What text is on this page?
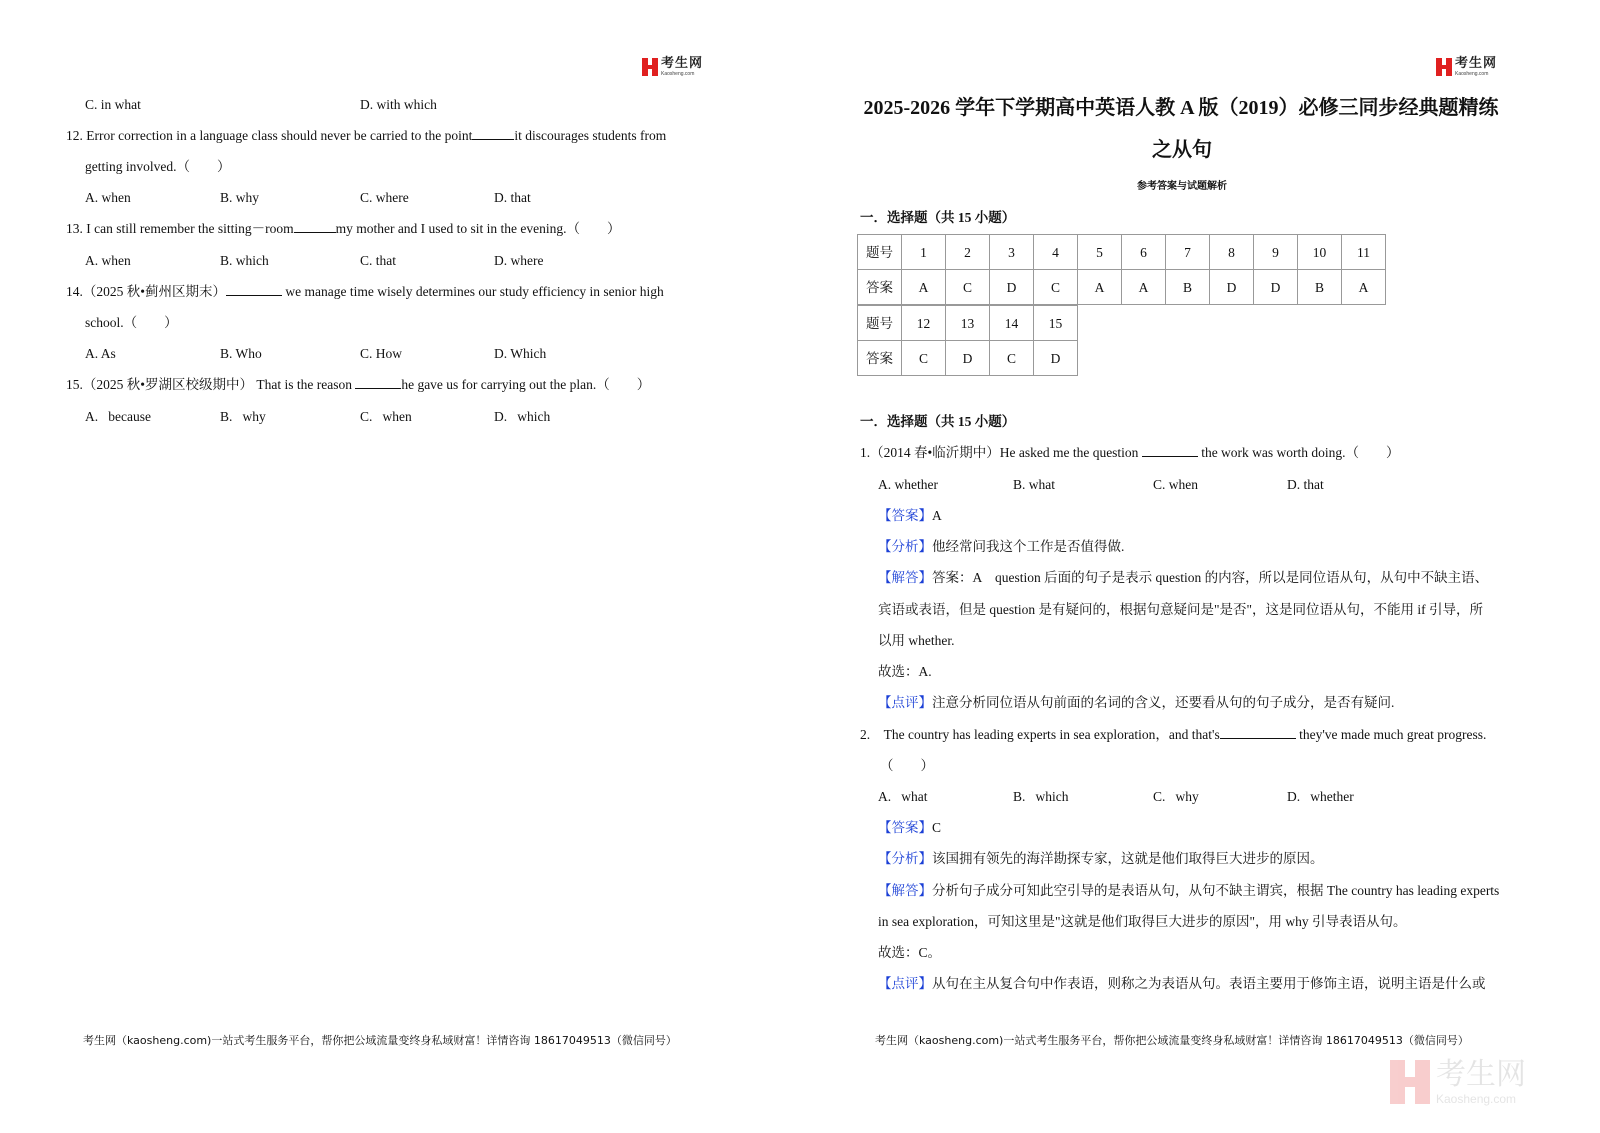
考生网
Kaosheng.com
C. in what	D. with which
12. Error correction in a language class should never be carried to the point	it discourages students from
getting involved.（　　）
A. when	B. why	C. where	D. that
13. I can still remember the sitting－room	my mother and I used to sit in the evening.（　　）
A. when	B. which	C. that	D. where
14.（2025 秋•蓟州区期末）	we manage time wisely determines our study efficiency in senior high
school.（　　）
A. As	B. Who	C. How	D. Which
15.（2025 秋•罗湖区校级期中） That is the reason	he gave us for carrying out the plan.（　　）
A. because	B. why	C. when	D. which
考生网（kaosheng.com)一站式考生服务平台，帮你把公域流量变终身私域财富！详情咨询 18617049513（微信同号）
考生网
Kaosheng.com
2025-2026 学年下学期高中英语人教 A 版（2019）必修三同步经典题精练
之从句
参考答案与试题解析
一．选择题（共 15 小题）
题号	1	2	3	4	5	6	7	8	9	10	11
答案	A	C	D	C	A	A	B	D	D	B	A
题号	12	13	14	15
答案	C	D	C	D
一．选择题（共 15 小题）
1.（2014 春•临沂期中）He asked me the question	the work was worth doing.（　　）
A. whether	B. what	C. when	D. that
【答案】A
【分析】他经常问我这个工作是否值得做.
【解答】答案：A　question 后面的句子是表示 question 的内容，所以是同位语从句，从句中不缺主语、
宾语或表语，但是 question 是有疑问的，根据句意疑问是"是否"，这是同位语从句，不能用 if 引导，所
以用 whether.
故选：A.
【点评】注意分析同位语从句前面的名词的含义，还要看从句的句子成分，是否有疑问.
2.　The country has leading experts in sea exploration，and that's	they've made much great progress.
（　　）
A. what	B. which	C. why	D. whether
【答案】C
【分析】该国拥有领先的海洋勘探专家，这就是他们取得巨大进步的原因。
【解答】分析句子成分可知此空引导的是表语从句，从句不缺主谓宾，根据 The country has leading experts
in sea exploration，可知这里是"这就是他们取得巨大进步的原因"，用 why 引导表语从句。
故选：C。
【点评】从句在主从复合句中作表语，则称之为表语从句。表语主要用于修饰主语，说明主语是什么或
考生网（kaosheng.com)一站式考生服务平台，帮你把公域流量变终身私域财富！详情咨询 18617049513（微信同号）
考生网
Kaosheng.com
